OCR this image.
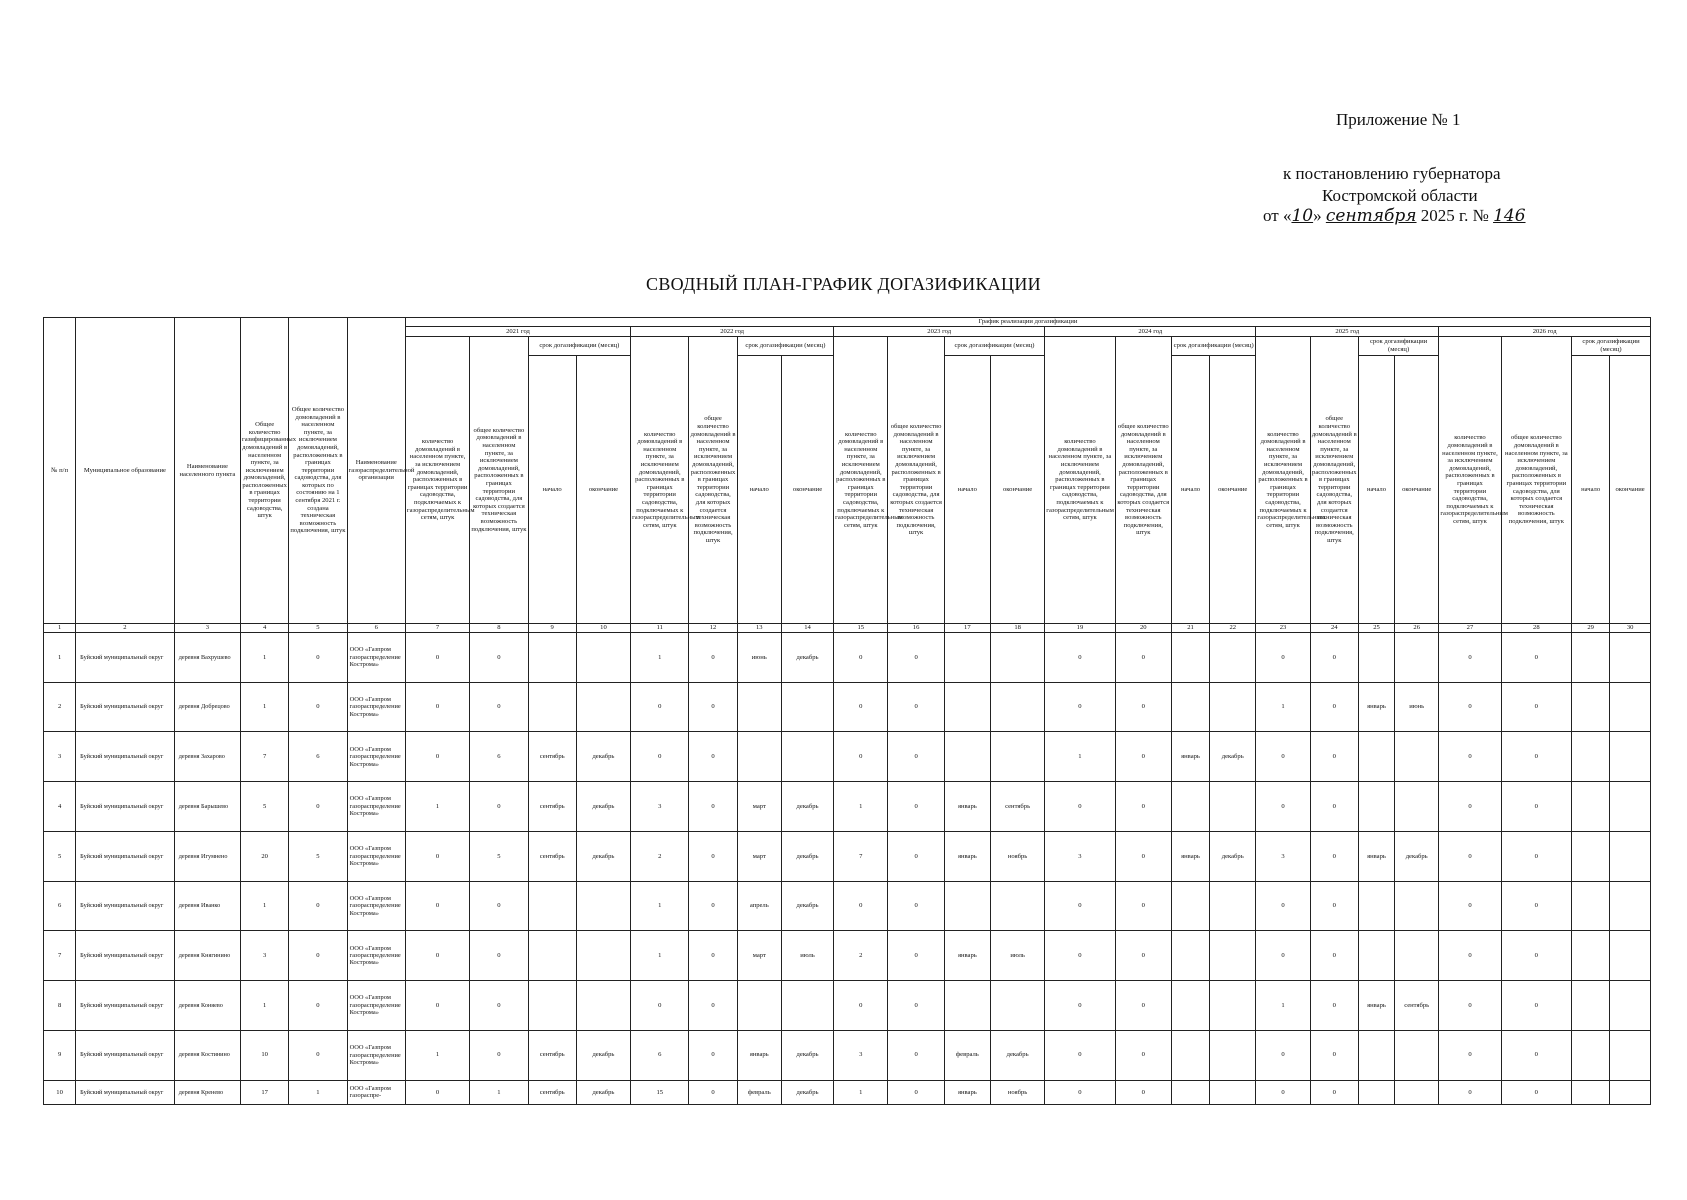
Приложение № 1
к постановлению губернатора
Костромской области
от «10» сентября 2025 г. № 146
СВОДНЫЙ ПЛАН-ГРАФИК ДОГАЗИФИКАЦИИ
№ п/п	Муниципальное образование	Наименование населенного пункта	Общее количество газифицированных домовладений в населенном пункте, за исключением домовладений, расположенных в границах территории садоводства, штук	Общее количество домовладений в населенном пункте, за исключением домовладений, расположенных в границах территории садоводства, для которых по состоянию на 1 сентября 2021 г. создана техническая возможность подключения, штук	Наименование газораспределительной организации	График реализации догазификации																							
						2021 год				2022 год				2023 год				2024 год				2025 год				2026 год			
						количество домовладений в населенном пункте, за исключением домовладений, расположенных в границах территории садоводства, подключаемых к газораспределительным сетям, штук	общее количество домовладений в населенном пункте, за исключением домовладений, расположенных в границах территории садоводства, для которых создается техническая возможность подключения, штук	срок догазификации (месяц)		количество домовладений в населенном пункте, за исключением домовладений, расположенных в границах территории садоводства, подключаемых к газораспределительным сетям, штук	общее количество домовладений в населенном пункте, за исключением домовладений, расположенных в границах территории садоводства, для которых создается техническая возможность подключения, штук	срок догазификации (месяц)		количество домовладений в населенном пункте, за исключением домовладений, расположенных в границах территории садоводства, подключаемых к газораспределительным сетям, штук	общее количество домовладений в населенном пункте, за исключением домовладений, расположенных в границах территории садоводства, для которых создается техническая возможность подключения, штук	срок догазификации (месяц)		количество домовладений в населенном пункте, за исключением домовладений, расположенных в границах территории садоводства, подключаемых к газораспределительным сетям, штук	общее количество домовладений в населенном пункте, за исключением домовладений, расположенных в границах территории садоводства, для которых создается техническая возможность подключения, штук	срок догазификации (месяц)		количество домовладений в населенном пункте, за исключением домовладений, расположенных в границах территории садоводства, подключаемых к газораспределительным сетям, штук	общее количество домовладений в населенном пункте, за исключением домовладений, расположенных в границах территории садоводства, для которых создается техническая возможность подключения, штук	срок догазификации (месяц)		количество домовладений в населенном пункте, за исключением домовладений, расположенных в границах территории садоводства, подключаемых к газораспределительным сетям, штук	общее количество домовладений в населенном пункте, за исключением домовладений, расположенных в границах территории садоводства, для которых создается техническая возможность подключения, штук	срок догазификации (месяц)	
								начало	окончание			начало	окончание			начало	окончание			начало	окончание			начало	окончание			начало	окончание
1	2	3	4	5	6	7	8	9	10	11	12	13	14	15	16	17	18	19	20	21	22	23	24	25	26	27	28	29	30
1	Буйский муниципальный округ	деревня Вахрушево	1	0	ООО «Газпром газораспределение Кострома»	0	0			1	0	июнь	декабрь	0	0			0	0			0	0			0	0		
2	Буйский муниципальный округ	деревня Добрецово	1	0	ООО «Газпром газораспределение Кострома»	0	0			0	0			0	0			0	0			1	0	январь	июнь	0	0		
3	Буйский муниципальный округ	деревня Захарово	7	6	ООО «Газпром газораспределение Кострома»	0	6	сентябрь	декабрь	0	0			0	0			1	0	январь	декабрь	0	0			0	0		
4	Буйский муниципальный округ	деревня Барышево	5	0	ООО «Газпром газораспределение Кострома»	1	0	сентябрь	декабрь	3	0	март	декабрь	1	0	январь	сентябрь	0	0			0	0			0	0		
5	Буйский муниципальный округ	деревня Игумнено	20	5	ООО «Газпром газораспределение Кострома»	0	5	сентябрь	декабрь	2	0	март	декабрь	7	0	январь	ноябрь	3	0	январь	декабрь	3	0	январь	декабрь	0	0		
6	Буйский муниципальный округ	деревня Иванко	1	0	ООО «Газпром газораспределение Кострома»	0	0			1	0	апрель	декабрь	0	0			0	0			0	0			0	0		
7	Буйский муниципальный округ	деревня Княгинино	3	0	ООО «Газпром газораспределение Кострома»	0	0			1	0	март	июль	2	0	январь	июль	0	0			0	0			0	0		
8	Буйский муниципальный округ	деревня Коняево	1	0	ООО «Газпром газораспределение Кострома»	0	0			0	0			0	0			0	0			1	0	январь	сентябрь	0	0		
9	Буйский муниципальный округ	деревня Костинино	10	0	ООО «Газпром газораспределение Кострома»	1	0	сентябрь	декабрь	6	0	январь	декабрь	3	0	февраль	декабрь	0	0			0	0			0	0		
10	Буйский муниципальный округ	деревня Кренево	17	1	ООО «Газпром газораспре-	0	1	сентябрь	декабрь	15	0	февраль	декабрь	1	0	январь	ноябрь	0	0			0	0			0	0		
